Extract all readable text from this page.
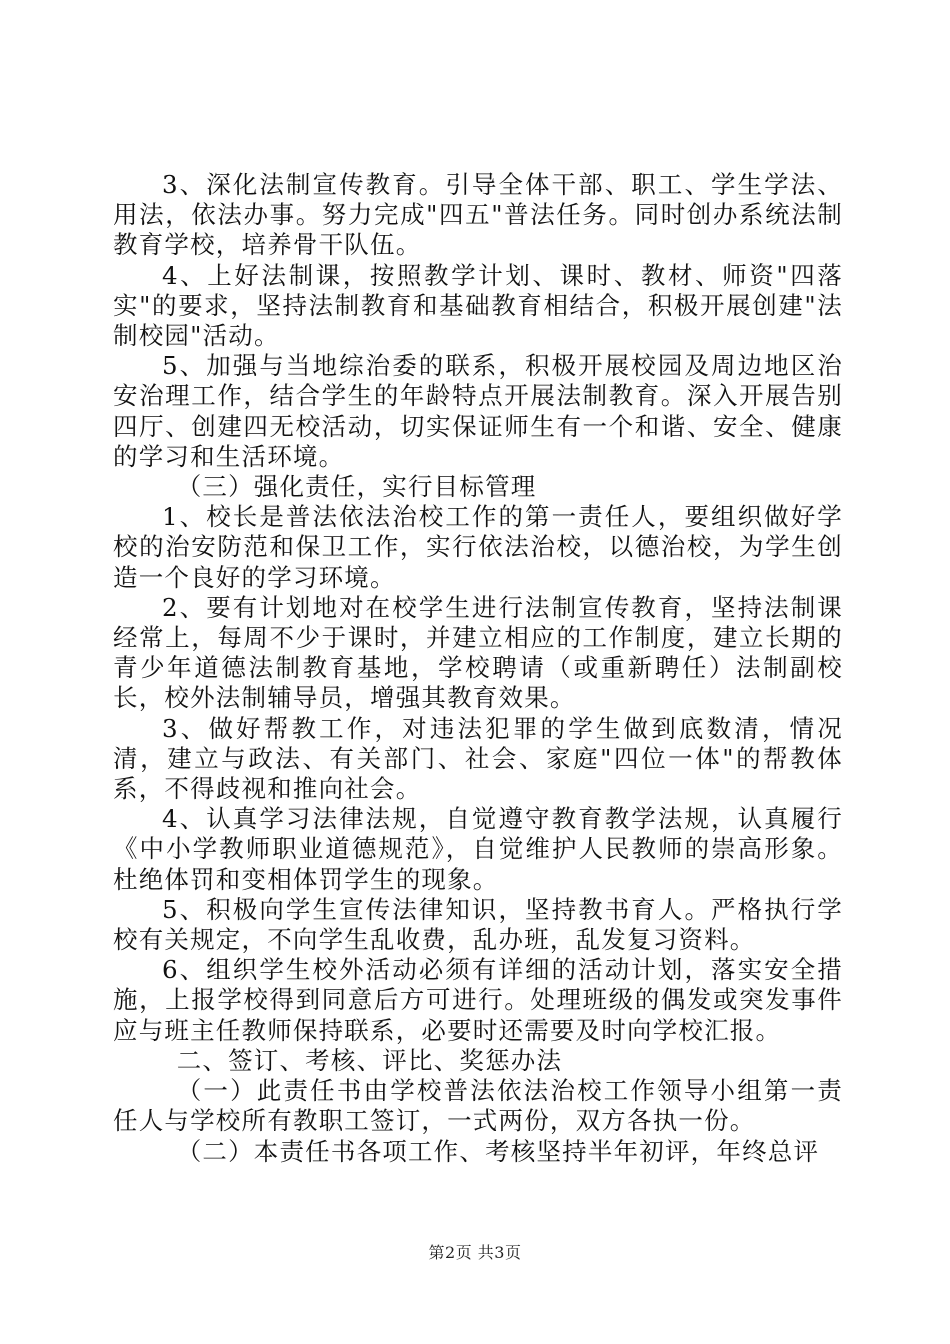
3、深化法制宣传教育。引导全体干部、职工、学生学法、用法，依法办事。努力完成"四五"普法任务。同时创办系统法制教育学校，培养骨干队伍。

4、上好法制课，按照教学计划、课时、教材、师资"四落实"的要求，坚持法制教育和基础教育相结合，积极开展创建"法制校园"活动。

5、加强与当地综治委的联系，积极开展校园及周边地区治安治理工作，结合学生的年龄特点开展法制教育。深入开展告别四厅、创建四无校活动，切实保证师生有一个和谐、安全、健康的学习和生活环境。

（三）强化责任，实行目标管理

1、校长是普法依法治校工作的第一责任人，要组织做好学校的治安防范和保卫工作，实行依法治校，以德治校，为学生创造一个良好的学习环境。

2、要有计划地对在校学生进行法制宣传教育，坚持法制课经常上，每周不少于课时，并建立相应的工作制度，建立长期的青少年道德法制教育基地，学校聘请（或重新聘任）法制副校长，校外法制辅导员，增强其教育效果。

3、做好帮教工作，对违法犯罪的学生做到底数清，情况清，建立与政法、有关部门、社会、家庭"四位一体"的帮教体系，不得歧视和推向社会。

4、认真学习法律法规，自觉遵守教育教学法规，认真履行《中小学教师职业道德规范》，自觉维护人民教师的崇高形象。杜绝体罚和变相体罚学生的现象。

5、积极向学生宣传法律知识，坚持教书育人。严格执行学校有关规定，不向学生乱收费，乱办班，乱发复习资料。

6、组织学生校外活动必须有详细的活动计划，落实安全措施，上报学校得到同意后方可进行。处理班级的偶发或突发事件应与班主任教师保持联系，必要时还需要及时向学校汇报。

二、签订、考核、评比、奖惩办法

（一）此责任书由学校普法依法治校工作领导小组第一责任人与学校所有教职工签订，一式两份，双方各执一份。

（二）本责任书各项工作、考核坚持半年初评，年终总评

第2页 共3页
